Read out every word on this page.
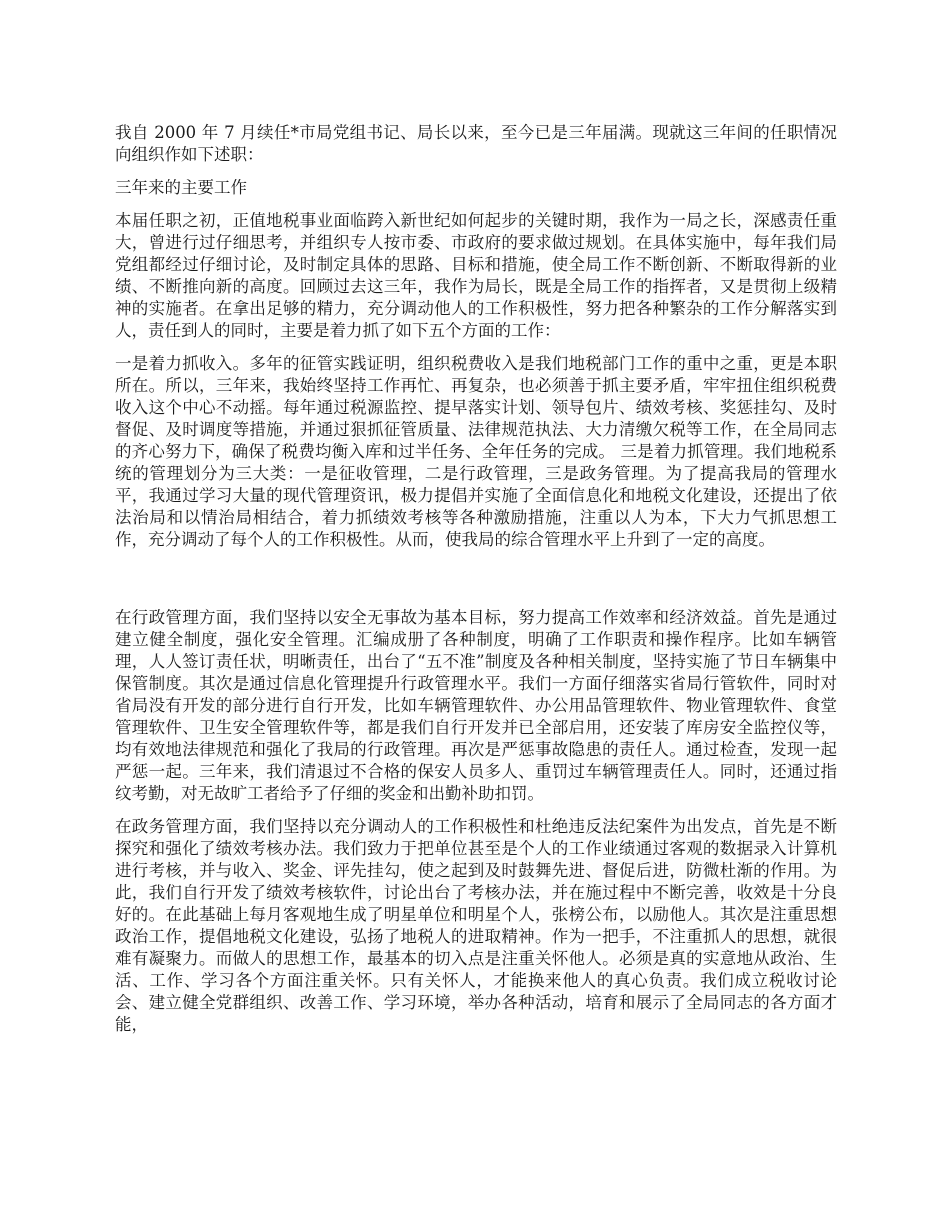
我自 2000 年 7 月续任*市局党组书记、局长以来，至今已是三年届满。现就这三年间的任职情况向组织作如下述职：

三年来的主要工作

本届任职之初，正值地税事业面临跨入新世纪如何起步的关键时期，我作为一局之长，深感责任重大，曾进行过仔细思考，并组织专人按市委、市政府的要求做过规划。在具体实施中，每年我们局党组都经过仔细讨论，及时制定具体的思路、目标和措施，使全局工作不断创新、不断取得新的业绩、不断推向新的高度。回顾过去这三年，我作为局长，既是全局工作的指挥者，又是贯彻上级精神的实施者。在拿出足够的精力，充分调动他人的工作积极性，努力把各种繁杂的工作分解落实到人，责任到人的同时，主要是着力抓了如下五个方面的工作：

一是着力抓收入。多年的征管实践证明，组织税费收入是我们地税部门工作的重中之重，更是本职所在。所以，三年来，我始终坚持工作再忙、再复杂，也必须善于抓主要矛盾，牢牢扭住组织税费收入这个中心不动摇。每年通过税源监控、提早落实计划、领导包片、绩效考核、奖惩挂勾、及时督促、及时调度等措施，并通过狠抓征管质量、法律规范执法、大力清缴欠税等工作，在全局同志的齐心努力下，确保了税费均衡入库和过半任务、全年任务的完成。 三是着力抓管理。我们地税系统的管理划分为三大类：一是征收管理，二是行政管理，三是政务管理。为了提高我局的管理水平，我通过学习大量的现代管理资讯，极力提倡并实施了全面信息化和地税文化建设，还提出了依法治局和以情治局相结合，着力抓绩效考核等各种激励措施，注重以人为本，下大力气抓思想工作，充分调动了每个人的工作积极性。从而，使我局的综合管理水平上升到了一定的高度。

在行政管理方面，我们坚持以安全无事故为基本目标，努力提高工作效率和经济效益。首先是通过建立健全制度，强化安全管理。汇编成册了各种制度，明确了工作职责和操作程序。比如车辆管理，人人签订责任状，明晰责任，出台了“五不准”制度及各种相关制度，坚持实施了节日车辆集中保管制度。其次是通过信息化管理提升行政管理水平。我们一方面仔细落实省局行管软件，同时对省局没有开发的部分进行自行开发，比如车辆管理软件、办公用品管理软件、物业管理软件、食堂管理软件、卫生安全管理软件等，都是我们自行开发并已全部启用，还安装了库房安全监控仪等，均有效地法律规范和强化了我局的行政管理。再次是严惩事故隐患的责任人。通过检查，发现一起严惩一起。三年来，我们清退过不合格的保安人员多人、重罚过车辆管理责任人。同时，还通过指纹考勤，对无故旷工者给予了仔细的奖金和出勤补助扣罚。

在政务管理方面，我们坚持以充分调动人的工作积极性和杜绝违反法纪案件为出发点，首先是不断探究和强化了绩效考核办法。我们致力于把单位甚至是个人的工作业绩通过客观的数据录入计算机进行考核，并与收入、奖金、评先挂勾，使之起到及时鼓舞先进、督促后进，防微杜渐的作用。为此，我们自行开发了绩效考核软件，讨论出台了考核办法，并在施过程中不断完善，收效是十分良好的。在此基础上每月客观地生成了明星单位和明星个人，张榜公布，以励他人。其次是注重思想政治工作，提倡地税文化建设，弘扬了地税人的进取精神。作为一把手，不注重抓人的思想，就很难有凝聚力。而做人的思想工作，最基本的切入点是注重关怀他人。必须是真的实意地从政治、生活、工作、学习各个方面注重关怀。只有关怀人，才能换来他人的真心负责。我们成立税收讨论会、建立健全党群组织、改善工作、学习环境，举办各种活动，培育和展示了全局同志的各方面才能，
